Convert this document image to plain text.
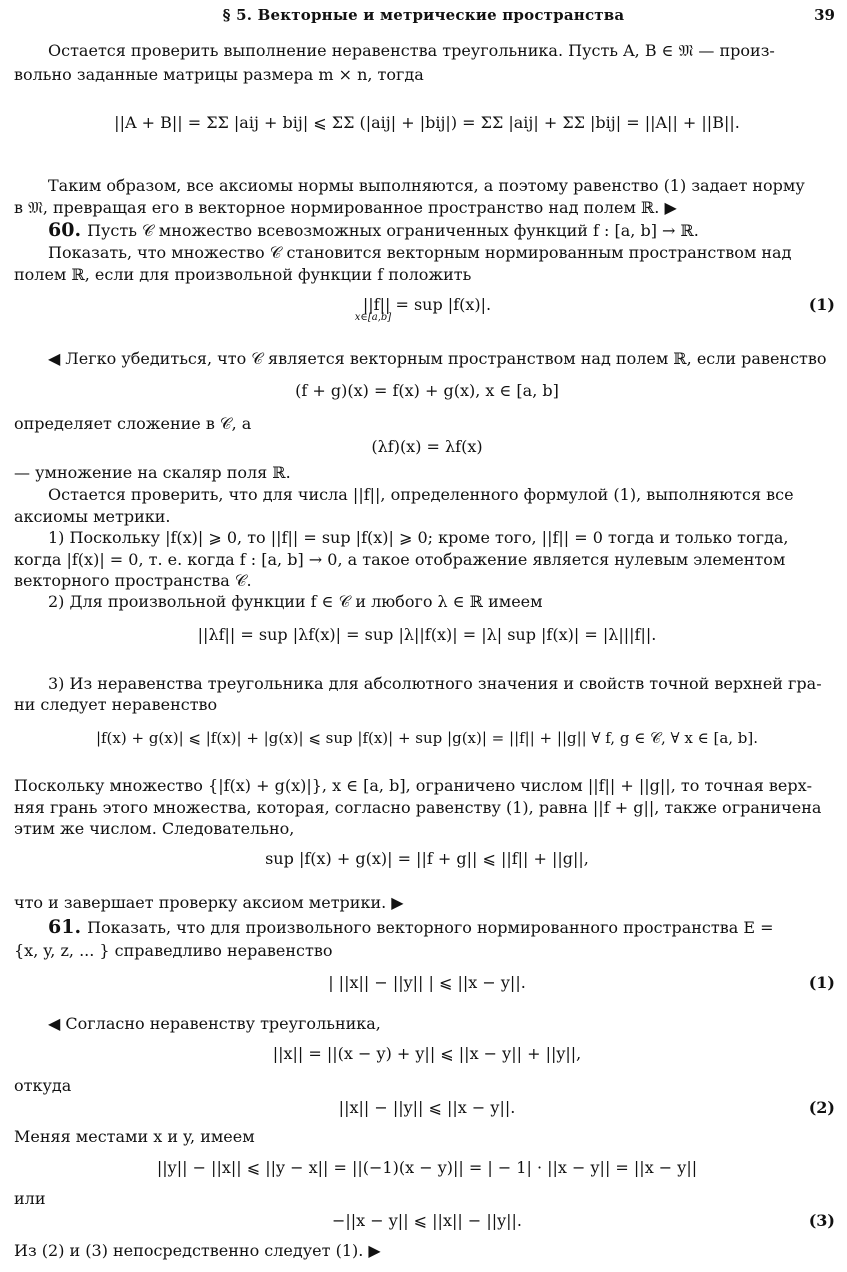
§ 5. Векторные и метрические пространства	39
Остается проверить выполнение неравенства треугольника. Пусть A, B ∈ 𝔐 — произ-
вольно заданные матрицы размера m × n, тогда
||A + B|| = ΣΣ |aij + bij| ⩽ ΣΣ (|aij| + |bij|) = ΣΣ |aij| + ΣΣ |bij| = ||A|| + ||B||.
Таким образом, все аксиомы нормы выполняются, а поэтому равенство (1) задает норму
в 𝔐, превращая его в векторное нормированное пространство над полем ℝ. ▶
60. Пусть 𝒞 множество всевозможных ограниченных функций f : [a, b] → ℝ.
Показать, что множество 𝒞 становится векторным нормированным пространством над
полем ℝ, если для произвольной функции f положить
||f|| = sup |f(x)|.
x∈[a,b]
(1)
◀ Легко убедиться, что 𝒞 является векторным пространством над полем ℝ, если равенство
(f + g)(x) = f(x) + g(x), x ∈ [a, b]
определяет сложение в 𝒞, а
(λf)(x) = λf(x)
— умножение на скаляр поля ℝ.
Остается проверить, что для числа ||f||, определенного формулой (1), выполняются все
аксиомы метрики.
1) Поскольку |f(x)| ⩾ 0, то ||f|| = sup |f(x)| ⩾ 0; кроме того, ||f|| = 0 тогда и только тогда,
когда |f(x)| = 0, т. е. когда f : [a, b] → 0, а такое отображение является нулевым элементом
векторного пространства 𝒞.
2) Для произвольной функции f ∈ 𝒞 и любого λ ∈ ℝ имеем
||λf|| = sup |λf(x)| = sup |λ||f(x)| = |λ| sup |f(x)| = |λ|||f||.
3) Из неравенства треугольника для абсолютного значения и свойств точной верхней гра-
ни следует неравенство
|f(x) + g(x)| ⩽ |f(x)| + |g(x)| ⩽ sup |f(x)| + sup |g(x)| = ||f|| + ||g|| ∀ f, g ∈ 𝒞, ∀ x ∈ [a, b].
Поскольку множество {|f(x) + g(x)|}, x ∈ [a, b], ограничено числом ||f|| + ||g||, то точная верх-
няя грань этого множества, которая, согласно равенству (1), равна ||f + g||, также ограничена
этим же числом. Следовательно,
sup |f(x) + g(x)| = ||f + g|| ⩽ ||f|| + ||g||,
что и завершает проверку аксиом метрики. ▶
61. Показать, что для произвольного векторного нормированного пространства E =
{x, y, z, ... } справедливо неравенство
| ||x|| − ||y|| | ⩽ ||x − y||.	(1)
◀ Согласно неравенству треугольника,
||x|| = ||(x − y) + y|| ⩽ ||x − y|| + ||y||,
откуда
||x|| − ||y|| ⩽ ||x − y||.	(2)
Меняя местами x и y, имеем
||y|| − ||x|| ⩽ ||y − x|| = ||(−1)(x − y)|| = | − 1| · ||x − y|| = ||x − y||
или
−||x − y|| ⩽ ||x|| − ||y||.	(3)
Из (2) и (3) непосредственно следует (1). ▶
